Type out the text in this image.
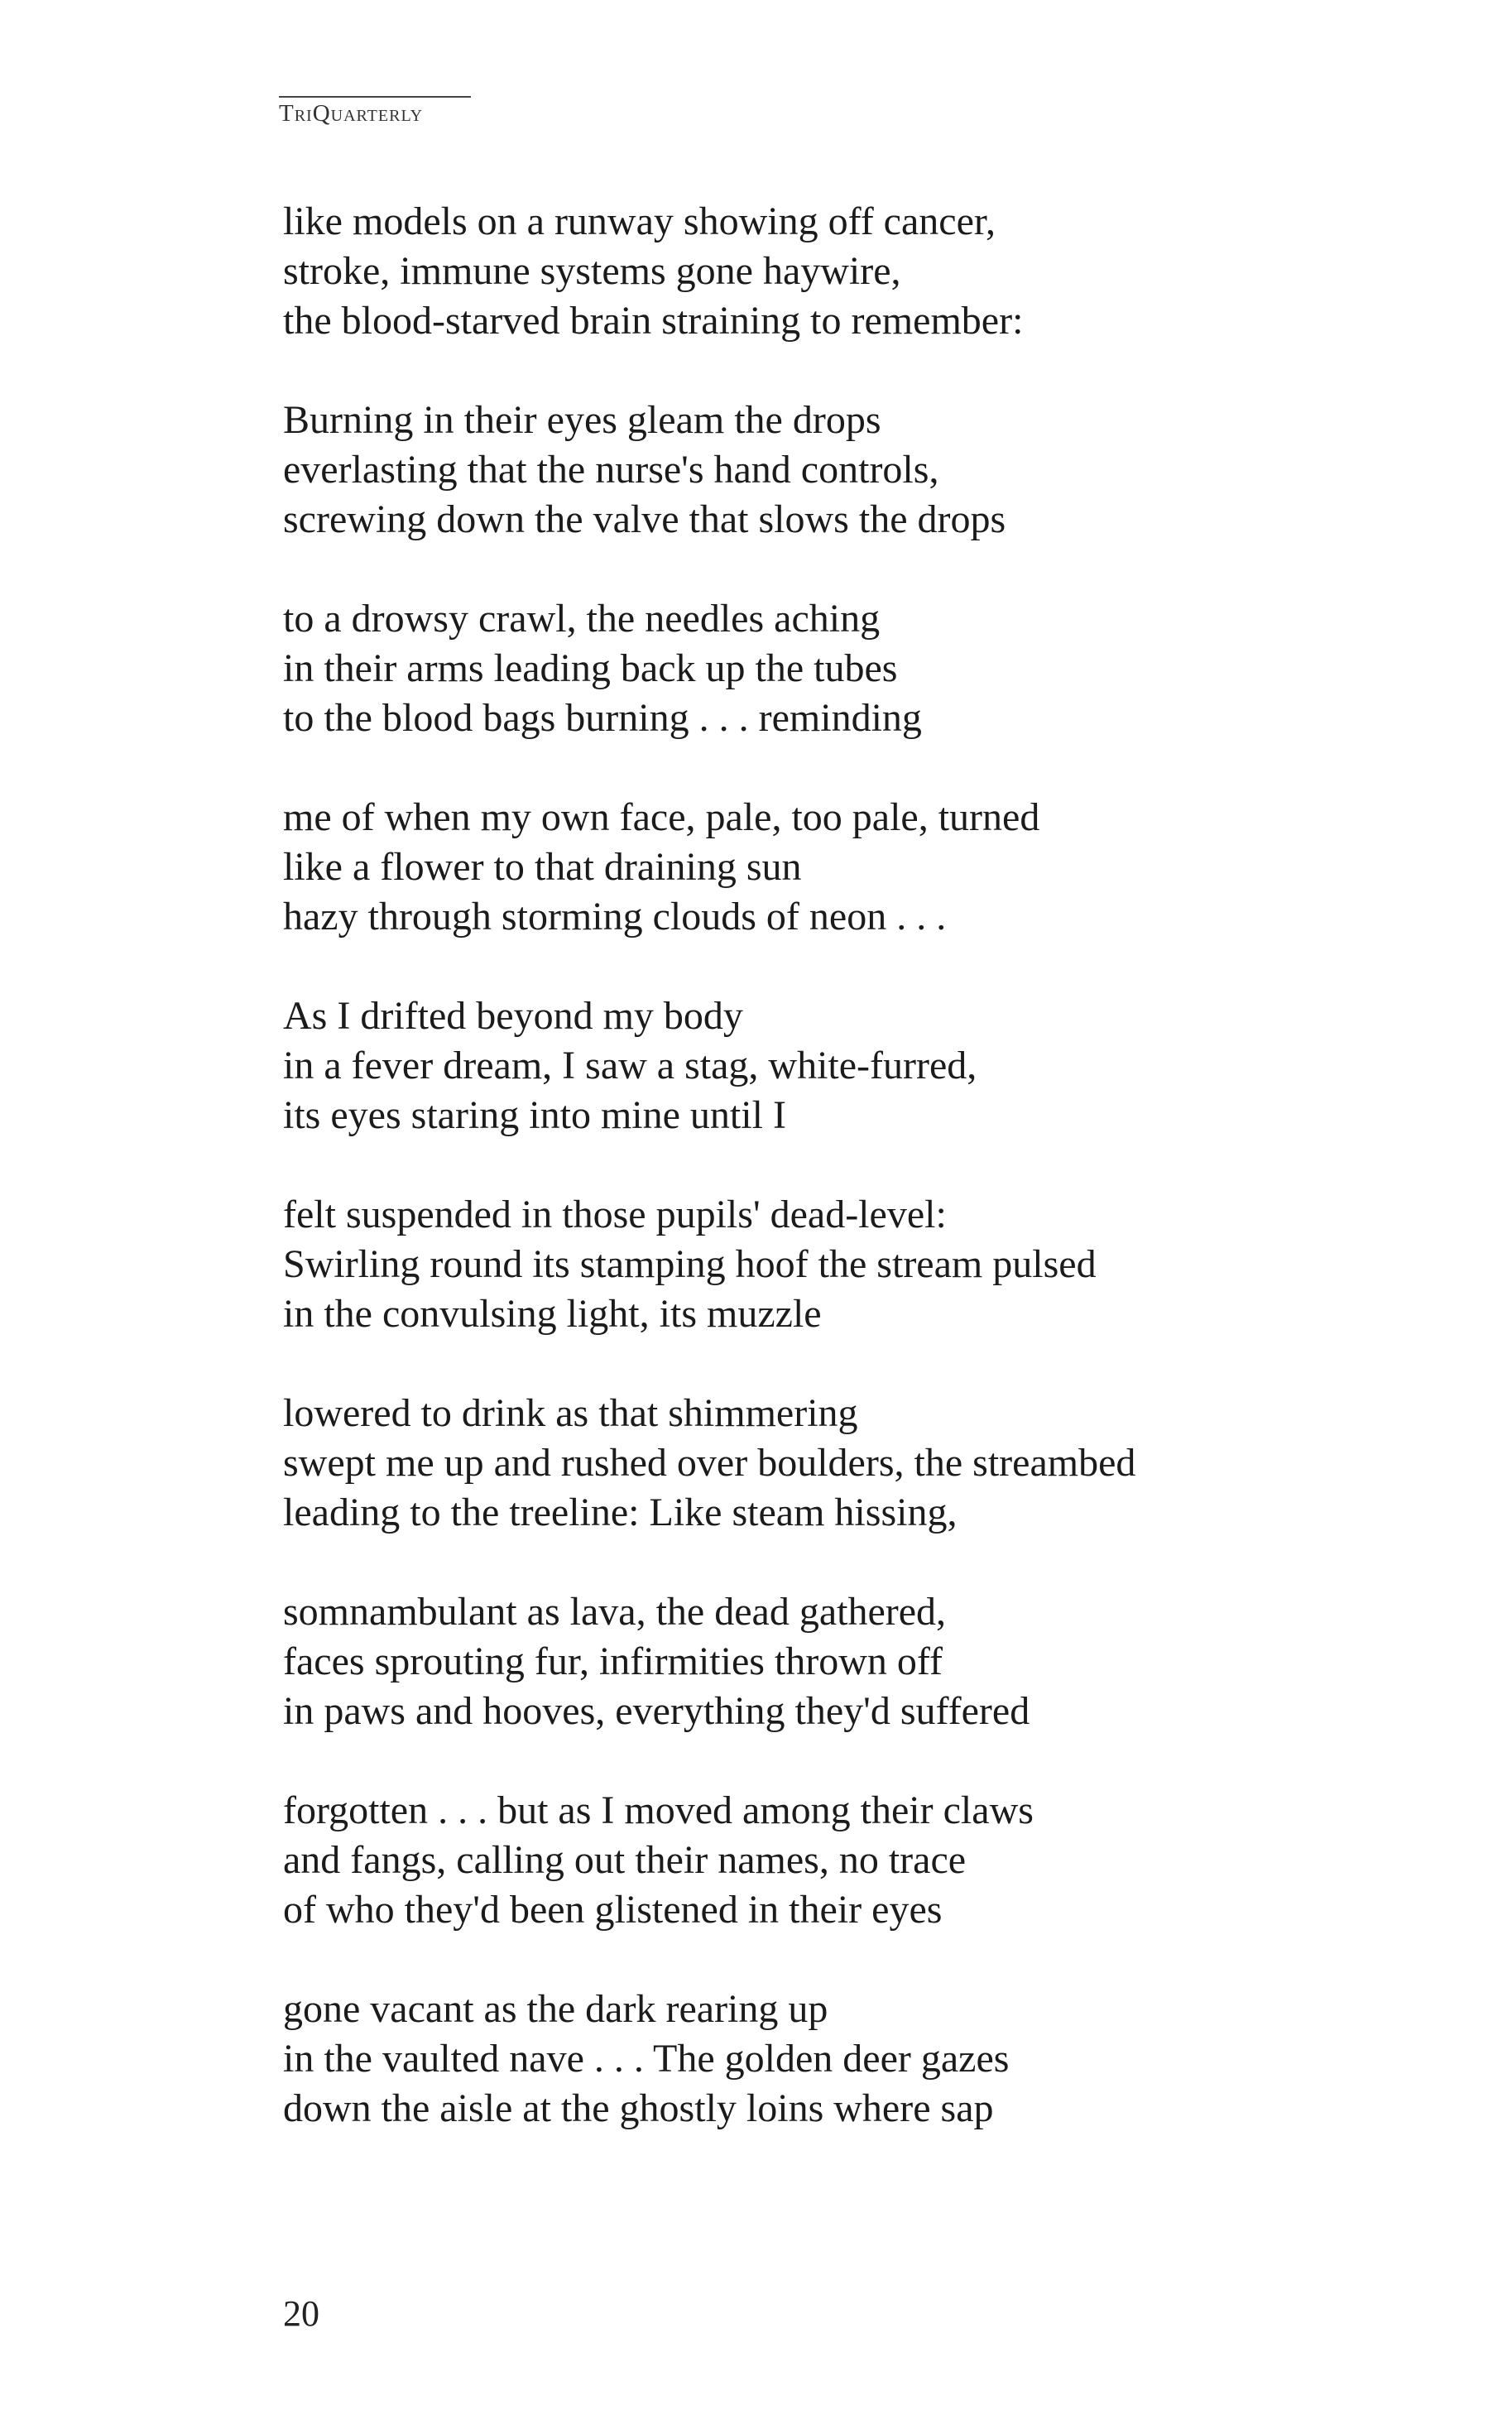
TriQuarterly
like models on a runway showing off cancer,
stroke, immune systems gone haywire,
the blood-starved brain straining to remember:
Burning in their eyes gleam the drops
everlasting that the nurse's hand controls,
screwing down the valve that slows the drops
to a drowsy crawl, the needles aching
in their arms leading back up the tubes
to the blood bags burning . . . reminding
me of when my own face, pale, too pale, turned
like a flower to that draining sun
hazy through storming clouds of neon . . .
As I drifted beyond my body
in a fever dream, I saw a stag, white-furred,
its eyes staring into mine until I
felt suspended in those pupils' dead-level:
Swirling round its stamping hoof the stream pulsed
in the convulsing light, its muzzle
lowered to drink as that shimmering
swept me up and rushed over boulders, the streambed
leading to the treeline: Like steam hissing,
somnambulant as lava, the dead gathered,
faces sprouting fur, infirmities thrown off
in paws and hooves, everything they'd suffered
forgotten . . . but as I moved among their claws
and fangs, calling out their names, no trace
of who they'd been glistened in their eyes
gone vacant as the dark rearing up
in the vaulted nave . . . The golden deer gazes
down the aisle at the ghostly loins where sap
20
